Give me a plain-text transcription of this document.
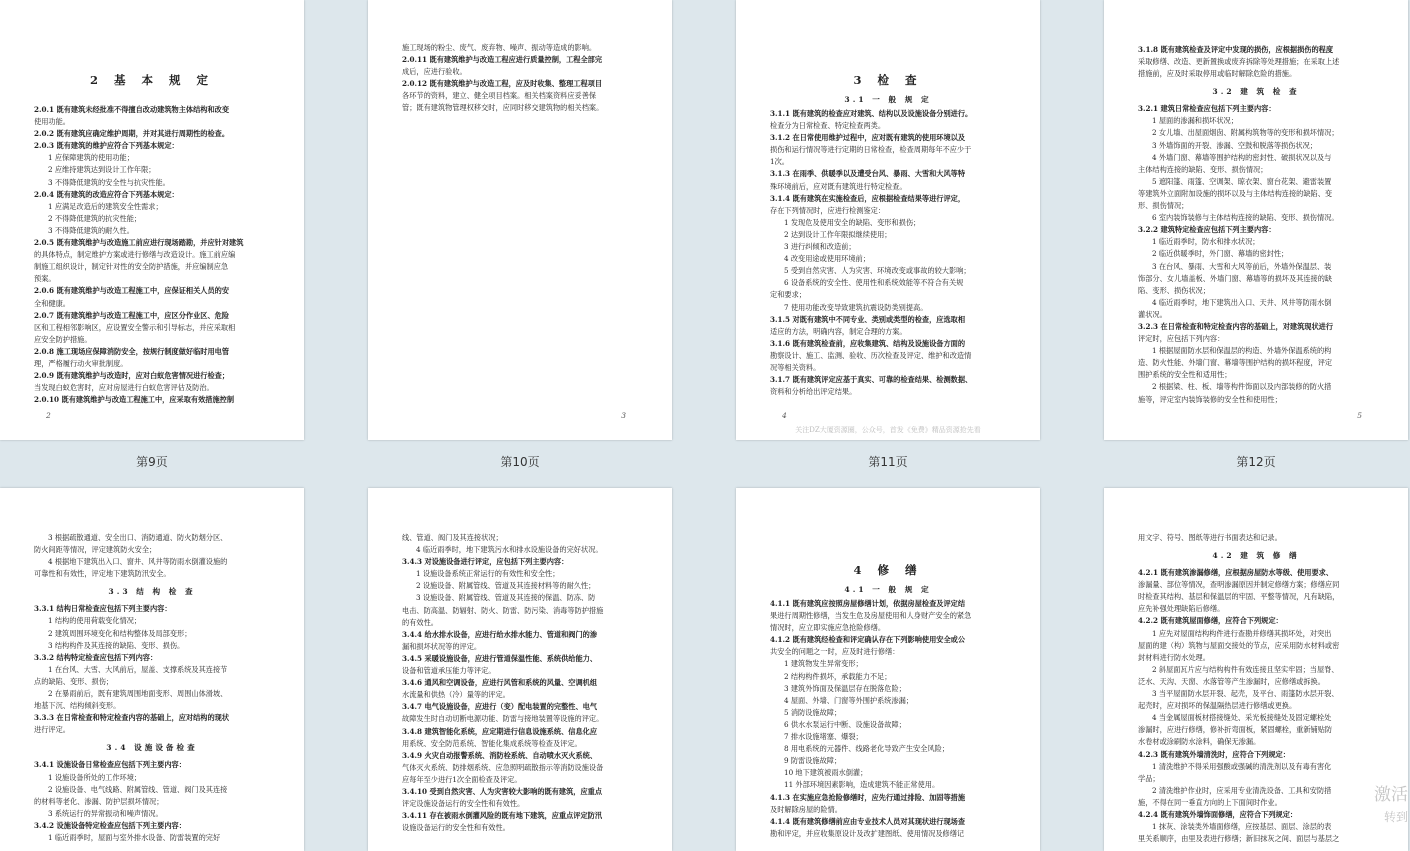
2 基 本 规 定
2.0.1 既有建筑未经批准不得擅自改动建筑物主体结构和改变
使用功能。
2.0.2 既有建筑应确定维护周期，并对其进行周期性的检查。
2.0.3 既有建筑的维护应符合下列基本规定：
1 应保障建筑的使用功能；
2 应维持建筑达到设计工作年限；
3 不得降低建筑的安全性与抗灾性能。
2.0.4 既有建筑的改造应符合下列基本规定：
1 应满足改造后的建筑安全性需求；
2 不得降低建筑的抗灾性能；
3 不得降低建筑的耐久性。
2.0.5 既有建筑维护与改造施工前应进行现场踏勘，并应针对建筑
的具体特点，制定维护方案或进行修缮与改造设计。施工前应编
制施工组织设计，制定针对性的安全防护措施，并应编制应急
预案。
2.0.6 既有建筑维护与改造工程施工中，应保证相关人员的安
全和健康。
2.0.7 既有建筑维护与改造工程施工中，应区分作业区、危险
区和工程相邻影响区，应设置安全警示和引导标志，并应采取相
应安全防护措施。
2.0.8 施工现场应保障消防安全，按规行制度做好临时用电管
理，严格履行动火审批制度。
2.0.9 既有建筑维护与改造时，应对白蚁危害情况进行检查；
当发现白蚁危害时，应对房屋进行白蚁危害评估及防治。
2.0.10 既有建筑维护与改造工程施工中，应采取有效措施控制
2
施工现场的粉尘、废气、废弃物、噪声、振动等造成的影响。
2.0.11 既有建筑维护与改造工程应进行质量控制，工程全部完
成后，应进行验收。
2.0.12 既有建筑维护与改造工程，应及时收集、整理工程项目
各环节的资料，建立、健全项目档案。相关档案资料应妥善保
管；既有建筑物管理权移交时，应同时移交建筑物的相关档案。
3
3 检 查
3.1 一 般 规 定
3.1.1 既有建筑的检查应对建筑、结构以及设施设备分别进行。
检查分为日常检查、特定检查两类。
3.1.2 在日常使用维护过程中，应对既有建筑的使用环境以及
损伤和运行情况等进行定期的日常检查，检查周期每年不应少于
1次。
3.1.3 在雨季、供暖季以及遭受台风、暴雨、大雪和大风等特
殊环境前后，应对既有建筑进行特定检查。
3.1.4 既有建筑在实施检查后，应根据检查结果等进行评定，
存在下列情况时，应进行检测鉴定：
1 发现危及使用安全的缺陷、变形和损伤；
2 达到设计工作年限拟继续使用；
3 进行纠倾和改造前；
4 改变用途或使用环境前；
5 受到自然灾害、人为灾害、环境改变或事故的较大影响；
6 设备系统的安全性、使用性和系统效能等不符合有关规
定和要求；
7 使用功能改变导致建筑抗震设防类别提高。
3.1.5 对既有建筑中不同专业、类别或类型的检查，应选取相
适应的方法，明确内容，制定合理的方案。
3.1.6 既有建筑检查前，应收集建筑、结构及设施设备方面的
勘察设计、施工、监测、验收、历次检查及评定、维护和改造情
况等相关资料。
3.1.7 既有建筑评定应基于真实、可靠的检查结果、检测数据、
资料和分析给出评定结果。
4
关注DZ大厦资源圈，公众号，首发《免费》精品资源抢先看
3.1.8 既有建筑检查及评定中发现的损伤，应根据损伤的程度
采取修缮、改造、更新置换或废弃拆除等处理措施；在采取上述
措施前，应及时采取停用或临时解除危险的措施。
3.2 建 筑 检 查
3.2.1 建筑日常检查应包括下列主要内容：
1 屋面的渗漏和损坏状况；
2 女儿墙、出屋面烟囱、附属构筑物等的变形和损坏情况；
3 外墙饰面的开裂、渗漏、空鼓和脱落等损伤状况；
4 外墙门窗、幕墙等围护结构的密封性、破损状况以及与
主体结构连接的缺陷、变形、损伤情况；
5 遮阳篷、雨篷、空调架、晾衣架、窗台花架、避雷装置
等建筑外立面附加设施的损坏以及与主体结构连接的缺陷、变
形、损伤情况；
6 室内装饰装修与主体结构连接的缺陷、变形、损伤情况。
3.2.2 建筑特定检查应包括下列主要内容：
1 临近雨季时，防水和排水状况；
2 临近供暖季时，外门窗、幕墙的密封性；
3 在台风、暴雨、大雪和大风等前后，外墙外保温层、装
饰部分、女儿墙盖板、外墙门窗、幕墙等的损坏及其连接的缺
陷、变形、损伤状况；
4 临近雨季时，地下建筑出入口、天井、风井等防雨水倒
灌状况。
3.2.3 在日常检查和特定检查内容的基础上，对建筑现状进行
评定时，应包括下列内容：
1 根据屋面防水层和保温层的构造、外墙外保温系统的构
造、防火性能、外墙门窗、幕墙等围护结构的损坏程度，评定
围护系统的安全性和适用性；
2 根据梁、柱、板、墙等构件饰面以及内部装修的防火措
施等，评定室内装饰装修的安全性和使用性；
5
第9页	第10页	第11页	第12页
3 根据疏散通道、安全出口、消防通道、防火防烟分区、
防火间距等情况，评定建筑防火安全；
4 根据地下建筑出入口、窗井、风井等防雨水倒灌设施的
可靠性和有效性，评定地下建筑防汛安全。
3.3 结 构 检 查
3.3.1 结构日常检查应包括下列主要内容：
1 结构的使用荷载变化情况；
2 建筑周围环境变化和结构整体及局部变形；
3 结构构件及其连接的缺陷、变形、损伤。
3.3.2 结构特定检查应包括下列内容：
1 在台风、大雪、大风前后，屋盖、支撑系统及其连接节
点的缺陷、变形、损伤；
2 在暴雨前后，既有建筑周围地面变形、周围山体滑坡、
地基下沉、结构倾斜变形。
3.3.3 在日常检查和特定检查内容的基础上，应对结构的现状
进行评定。
3.4 设施设备检查
3.4.1 设施设备日常检查应包括下列主要内容：
1 设施设备所处的工作环境；
2 设施设备、电气线路、附属管线、管道、阀门及其连接
的材料等老化、渗漏、防护层损坏情况；
3 系统运行的异常振动和噪声情况。
3.4.2 设施设备特定检查应包括下列主要内容：
1 临近雨季时，屋面与室外排水设备、防雷装置的完好
线、管道、阀门及其连接状况；
4 临近雨季时，地下建筑污水和排水设施设备的完好状况。
3.4.3 对设施设备进行评定，应包括下列主要内容：
1 设施设备系统正常运行的有效性和安全性；
2 设施设备、附属管线、管道及其连接材料等的耐久性；
3 设施设备、附属管线、管道及其连接的保温、防冻、防
电击、防高温、防辐射、防火、防雷、防污染、消毒等防护措施
的有效性。
3.4.4 给水排水设备，应进行给水排水能力、管道和阀门的渗
漏和损坏状况等的评定。
3.4.5 采暖设施设备，应进行管道保温性能、系统供给能力、
设备和管道承压能力等评定。
3.4.6 通风和空调设备，应进行风管和系统的风量、空调机组
水流量和供热（冷）量等的评定。
3.4.7 电气设施设备，应进行（变）配电装置的完整性、电气
故障发生时自动切断电源功能、防雷与接地装置等设施的评定。
3.4.8 建筑智能化系统，应定期进行信息设施系统、信息化应
用系统、安全防范系统、智能化集成系统等检查及评定。
3.4.9 火灾自动报警系统、消防栓系统、自动喷水灭火系统、
气体灭火系统、防排烟系统、应急照明疏散指示等消防设施设备
应每年至少进行1次全面检查及评定。
3.4.10 受到自然灾害、人为灾害较大影响的既有建筑，应重点
评定设施设备运行的安全性和有效性。
3.4.11 存在被雨水倒灌风险的既有地下建筑，应重点评定防汛
设施设备运行的安全性和有效性。
4 修 缮
4.1 一 般 规 定
4.1.1 既有建筑应按照房屋修缮计划，依据房屋检查及评定结
果进行周期性修缮，当发生危及房屋使用和人身财产安全的紧急
情况时，应立即实施应急抢险修缮。
4.1.2 既有建筑经检查和评定确认存在下列影响使用安全或公
共安全的问题之一时，应及时进行修缮：
1 建筑物发生异常变形；
2 结构构件损坏，承载能力不足；
3 建筑外饰面及保温层存在脱落危险；
4 屋面、外墙、门窗等外围护系统渗漏；
5 消防设施故障；
6 供水水泵运行中断、设施设备故障；
7 排水设施堵塞、爆裂；
8 用电系统的元器件、线路老化导致产生安全风险；
9 防雷设施故障；
10 地下建筑被雨水倒灌；
11 外部环境因素影响，造成建筑不能正常使用。
4.1.3 在实施应急抢险修缮时，应先行通过排险、加固等措施
及时解除房屋的险情。
4.1.4 既有建筑修缮前应由专业技术人员对其现状进行现场查
勘和评定，并应收集原设计及改扩建图纸、使用情况及修缮记
用文字、符号、图纸等进行书面表达和记录。
4.2 建 筑 修 缮
4.2.1 既有建筑渗漏修缮，应根据房屋防水等级、使用要求、
渗漏量、部位等情况，查明渗漏原因并制定修缮方案；修缮应同
时检查其结构、基层和保温层的牢固、平整等情况，凡有缺陷，
应先补强处理缺陷后修缮。
4.2.2 既有建筑屋面修缮，应符合下列规定：
1 应先对屋面结构构件进行查勘并修缮其损坏处，对突出
屋面的建（构）筑物与屋面交接处的节点，应采用防水材料或密
封材料进行防水处理。
2 斜屋面瓦片应与结构构件有效连接且坚实牢固；当屋脊、
泛水、天沟、天窗、水落管等产生渗漏时，应修缮或拆换。
3 当平屋面防水层开裂、起壳，及平台、雨篷防水层开裂、
起壳时，应对损坏的保温隔热层进行修缮或更换。
4 当金属屋面板材搭接缝处、采光板接缝处及固定螺栓处
渗漏时，应进行修缮，修补折弯面板，紧固螺栓，重新铺贴防
水卷材或涂刷防水涂料，确保无渗漏。
4.2.3 既有建筑外墙清洗时，应符合下列规定：
1 清洗维护不得采用强酸或强碱的清洗剂以及有毒有害化
学品；
2 清洗维护作业时，应采用专业清洗设备、工具和安防措
施，不得在同一垂直方向的上下面间时作业。
4.2.4 既有建筑外墙饰面修缮，应符合下列规定：
1 抹灰、涂装类外墙面修缮，应按基层、面层、涂层的表
里关系顺序，由里及表进行修缮；新旧抹灰之间、面层与基层之
激活
转到
